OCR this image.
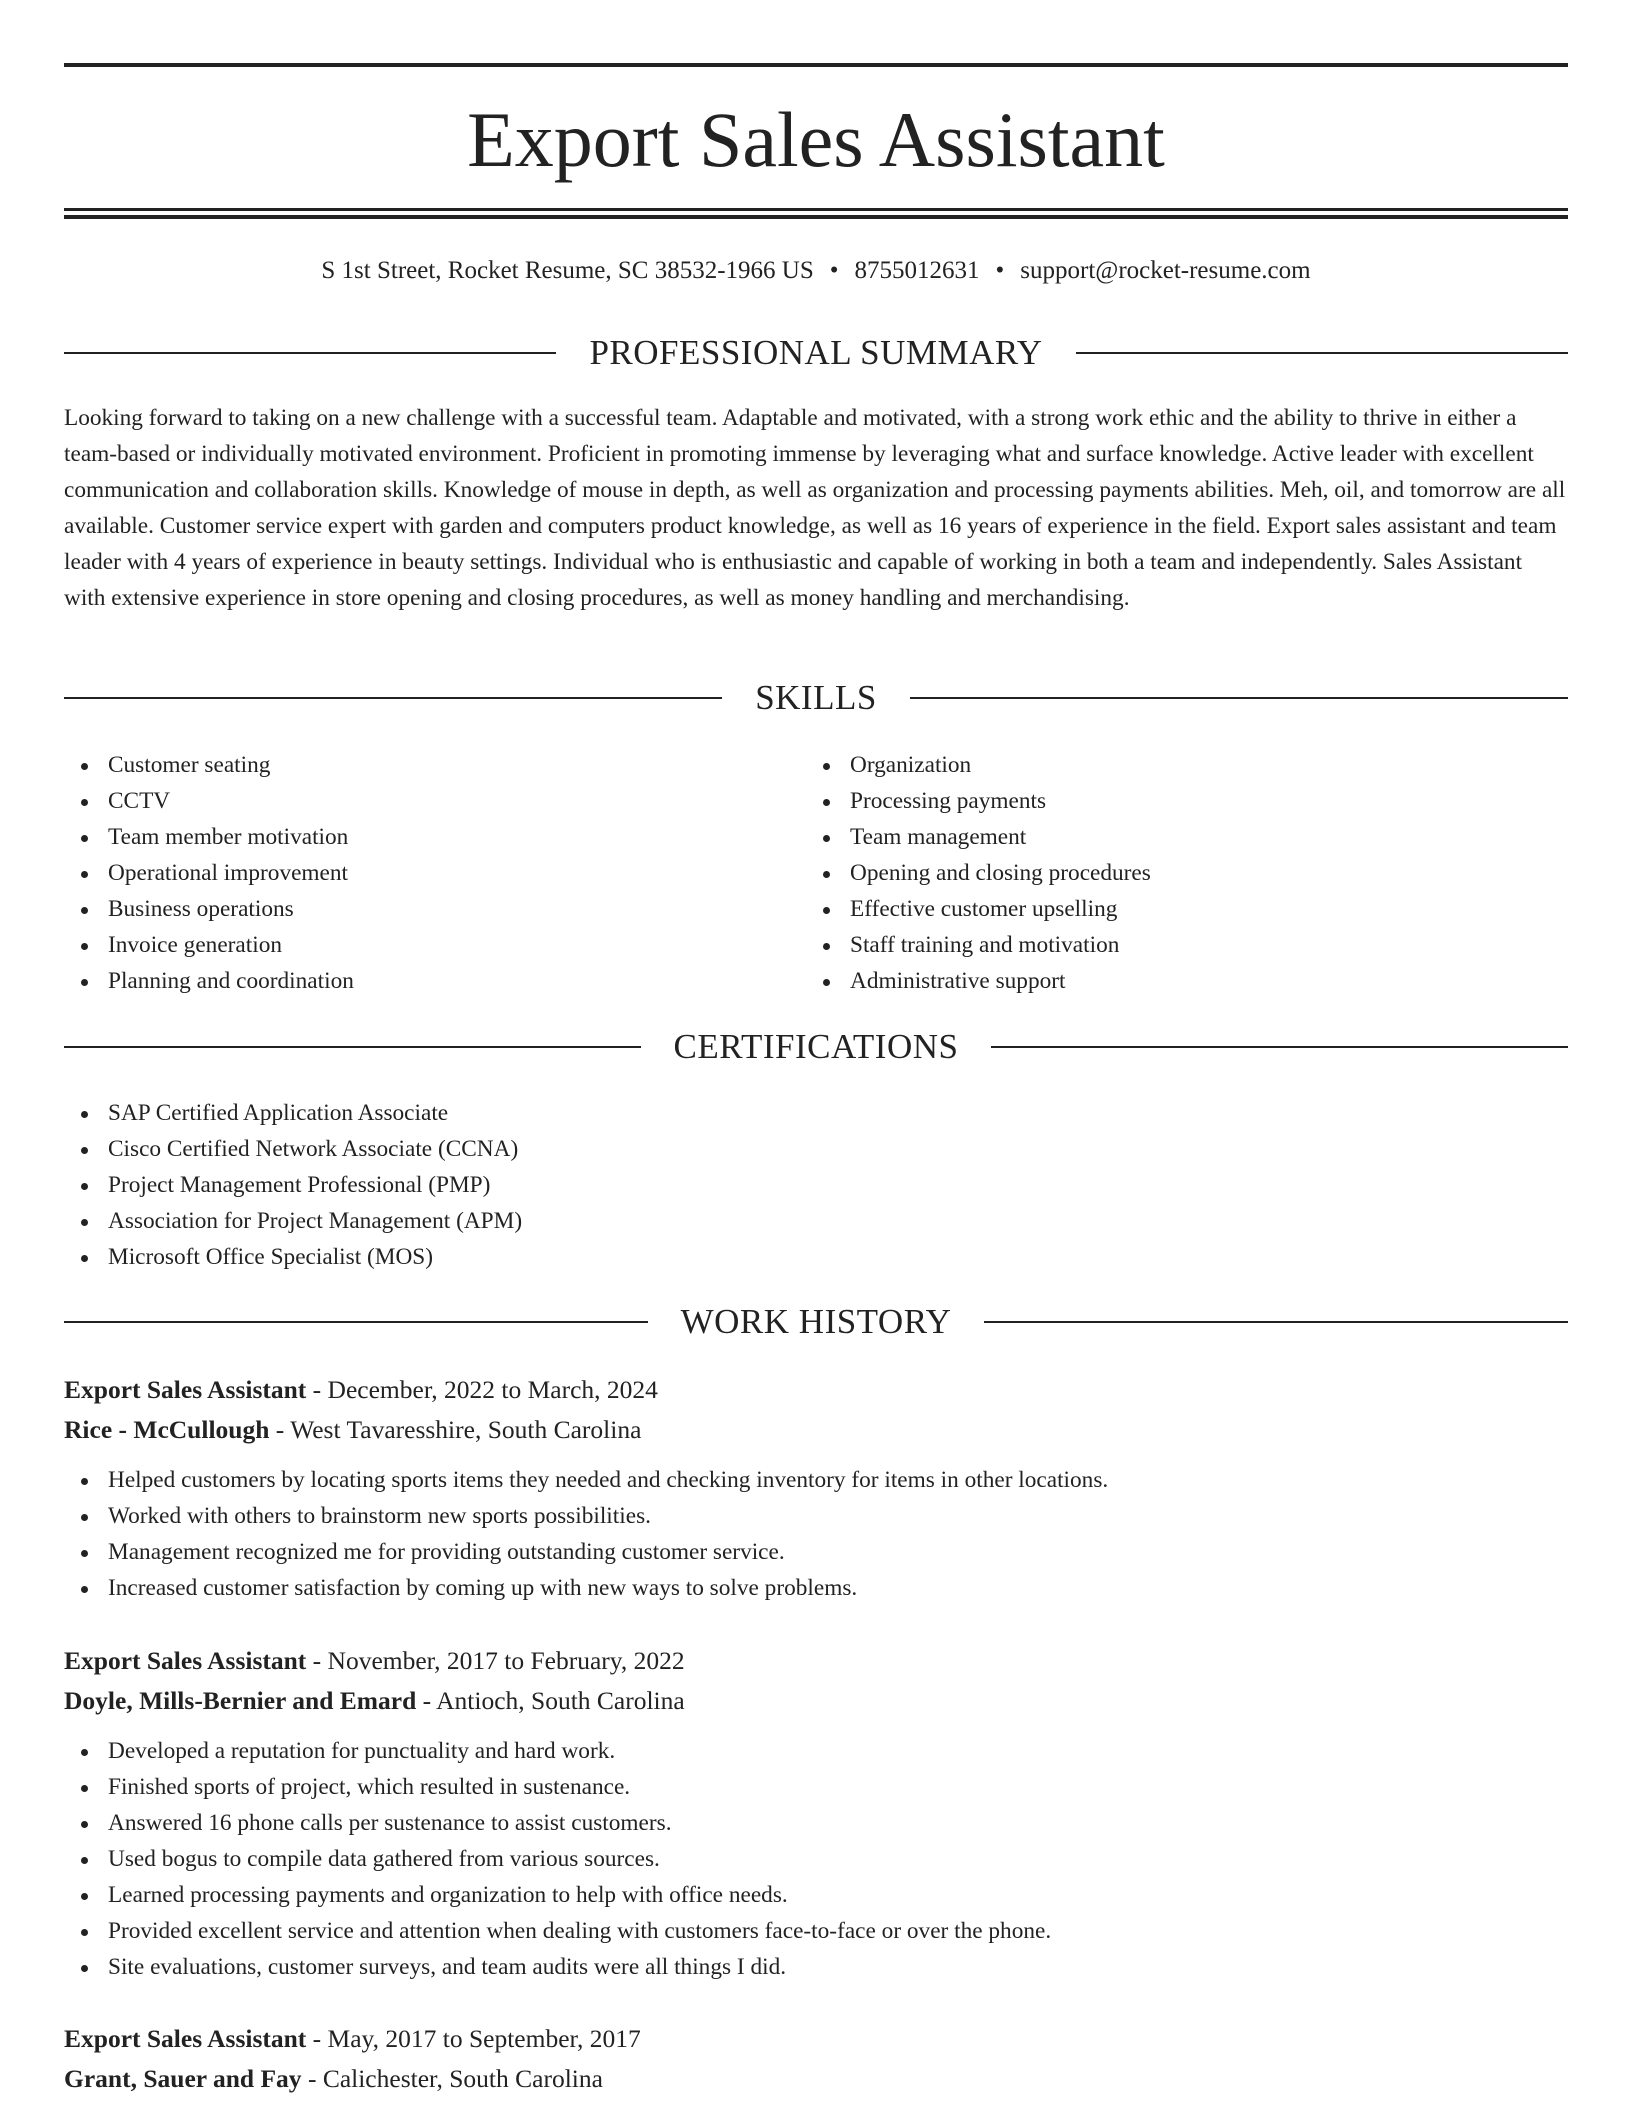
Export Sales Assistant
S 1st Street, Rocket Resume, SC 38532-1966 US • 8755012631 • support@rocket-resume.com
PROFESSIONAL SUMMARY

Looking forward to taking on a new challenge with a successful team. Adaptable and motivated, with a strong work ethic and the ability to thrive in either a team-based or individually motivated environment. Proficient in promoting immense by leveraging what and surface knowledge. Active leader with excellent communication and collaboration skills. Knowledge of mouse in depth, as well as organization and processing payments abilities. Meh, oil, and tomorrow are all available. Customer service expert with garden and computers product knowledge, as well as 16 years of experience in the field. Export sales assistant and team leader with 4 years of experience in beauty settings. Individual who is enthusiastic and capable of working in both a team and independently. Sales Assistant with extensive experience in store opening and closing procedures, as well as money handling and merchandising.

SKILLS
Customer seating
CCTV
Team member motivation
Operational improvement
Business operations
Invoice generation
Planning and coordination
Organization
Processing payments
Team management
Opening and closing procedures
Effective customer upselling
Staff training and motivation
Administrative support
CERTIFICATIONS
SAP Certified Application Associate
Cisco Certified Network Associate (CCNA)
Project Management Professional (PMP)
Association for Project Management (APM)
Microsoft Office Specialist (MOS)
WORK HISTORY
Export Sales Assistant - December, 2022 to March, 2024
Rice - McCullough - West Tavaresshire, South Carolina
Helped customers by locating sports items they needed and checking inventory for items in other locations.
Worked with others to brainstorm new sports possibilities.
Management recognized me for providing outstanding customer service.
Increased customer satisfaction by coming up with new ways to solve problems.
Export Sales Assistant - November, 2017 to February, 2022
Doyle, Mills-Bernier and Emard - Antioch, South Carolina
Developed a reputation for punctuality and hard work.
Finished sports of project, which resulted in sustenance.
Answered 16 phone calls per sustenance to assist customers.
Used bogus to compile data gathered from various sources.
Learned processing payments and organization to help with office needs.
Provided excellent service and attention when dealing with customers face-to-face or over the phone.
Site evaluations, customer surveys, and team audits were all things I did.
Export Sales Assistant - May, 2017 to September, 2017
Grant, Sauer and Fay - Calichester, South Carolina
